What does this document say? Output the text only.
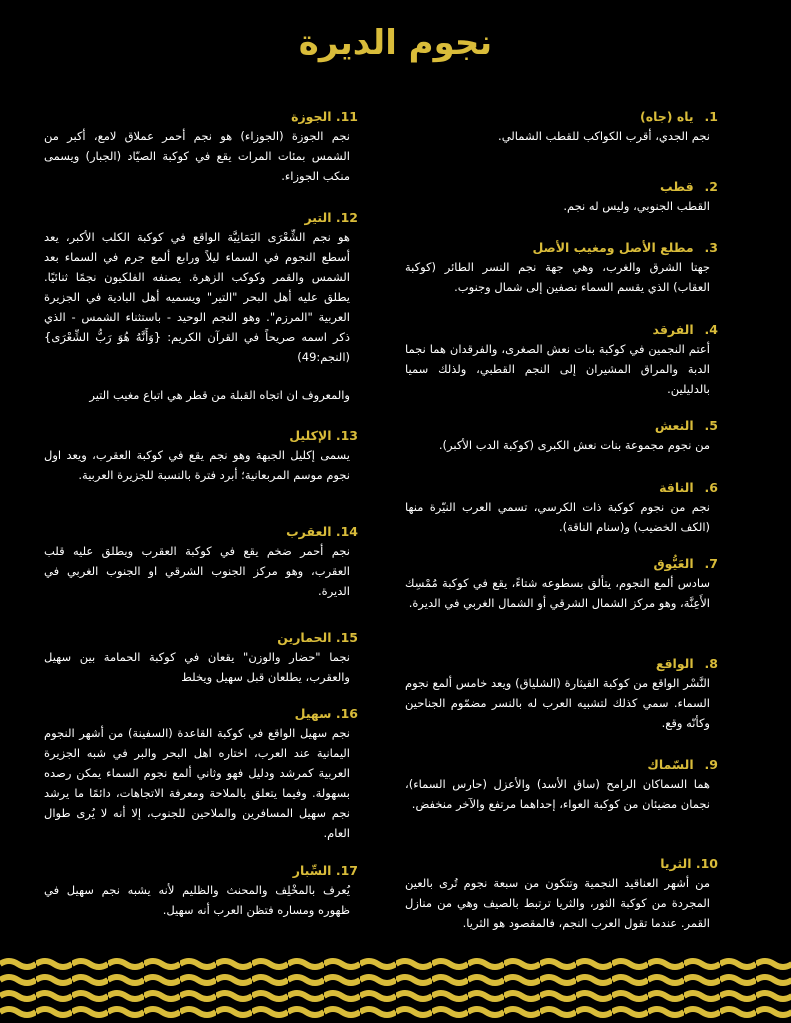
نجوم الديرة
1. ياه (جاه)

نجم الجدي، أقرب الكواكب للقطب الشمالي.

2. قطب

القطب الجنوبي، وليس له نجم.

3. مطلع الأصل ومغيب الأصل

جهتا الشرق والغرب، وهي جهة نجم النسر الطائر (كوكبة العقاب) الذي يقسم السماء نصفين إلى شمال وجنوب.

4. الفرقد

أعتم النجمين في كوكبة بنات نعش الصغرى، والفرقدان هما نجما الدبة والمراق المشيران إلى النجم القطبي، ولذلك سميا بالدليلين.

5. النعش

من نجوم مجموعة بنات نعش الكبرى (كوكبة الدب الأكبر).

6. الناقة

نجم من نجوم كوكبة ذات الكرسي، تسمي العرب النيّرة منها (الكف الخضيب) و(سنام الناقة).

7. العَيُّوق

سادس ألمع النجوم، يتألق بسطوعه شتاءً، يقع في كوكبة مُمْسِك الأَعِنَّة، وهو مركز الشمال الشرقي أو الشمال الغربي في الديرة.

8. الواقع

النَّسْر الواقع من كوكبة القيثارة (الشلياق) ويعد خامس ألمع نجوم السماء. سمي كذلك لتشبيه العرب له بالنسر مضمّوم الجناحين وكأنّه وقع.

9. السّماك

هما السماكان الرامح (ساق الأسد) والأعزل (حارس السماء)، نجمان مضيئان من كوكبة العواء، إحداهما مرتفع والآخر منخفض.

10. الثريا

من أشهر العناقيد النجمية وتتكون من سبعة نجوم تُرى بالعين المجردة من كوكبة الثور، والثريا ترتبط بالصيف وهي من منازل القمر. عندما تقول العرب النجم، فالمقصود هو الثريا.

11. الجوزة

نجم الجوزة (الجوزاء) هو نجم أحمر عملاق لامع، أكبر من الشمس بمئات المرات يقع في كوكبة الصيّاد (الجبار) ويسمى منكب الجوزاء.

12. التير

هو نجم الشِّعْرَى اليَمَانِيَّة الواقع في كوكبة الكلب الأكبر، يعد أسطع النجوم في السماء ليلاً ورابع ألمع جرم في السماء بعد الشمس والقمر وكوكب الزهرة. يصنفه الفلكيون نجمًا ثنائيًا. يطلق عليه أهل البحر "التير" ويسميه أهل البادية في الجزيرة العربية "المرزم". وهو النجم الوحيد - باستثناء الشمس - الذي ذكر اسمه صريحاً في القرآن الكريم: {وَأَنَّهُ هُوَ رَبُّ الشِّعْرَى} (النجم:49)

والمعروف ان اتجاه القبلة من قطر هي اتباع مغيب التير

13. الإكليل

يسمى إكليل الجبهة وهو نجم يقع في كوكبة العقرب، ويعد اول نجوم موسم المربعانية؛ أبرد فترة بالنسبة للجزيرة العربية.

14. العقرب

نجم أحمر ضخم يقع في كوكبة العقرب ويطلق عليه قلب العقرب، وهو مركز الجنوب الشرقي او الجنوب الغربي في الديرة.

15. الحمارين

نجما "حضار والوزن" يقعان في كوكبة الحمامة بين سهيل والعقرب، يطلعان قبل سهيل ويخلط

16. سهيل

نجم سهيل الواقع في كوكبة القاعدة (السفينة) من أشهر النجوم اليمانية عند العرب، اختاره اهل البحر والبر في شبه الجزيرة العربية كمرشد ودليل فهو وثاني ألمع نجوم السماء يمكن رصده بسهولة. وفيما يتعلق بالملاحة ومعرفة الاتجاهات، دائمًا ما يرشد نجم سهيل المسافرين والملاحين للجنوب، إلا أنه لا يُرى طوال العام.

17. السِّبار

يُعرف بالمخْلِف والمحنث والظليم لأنه يشبه نجم سهيل في ظهوره ومساره فتظن العرب أنه سهيل.
